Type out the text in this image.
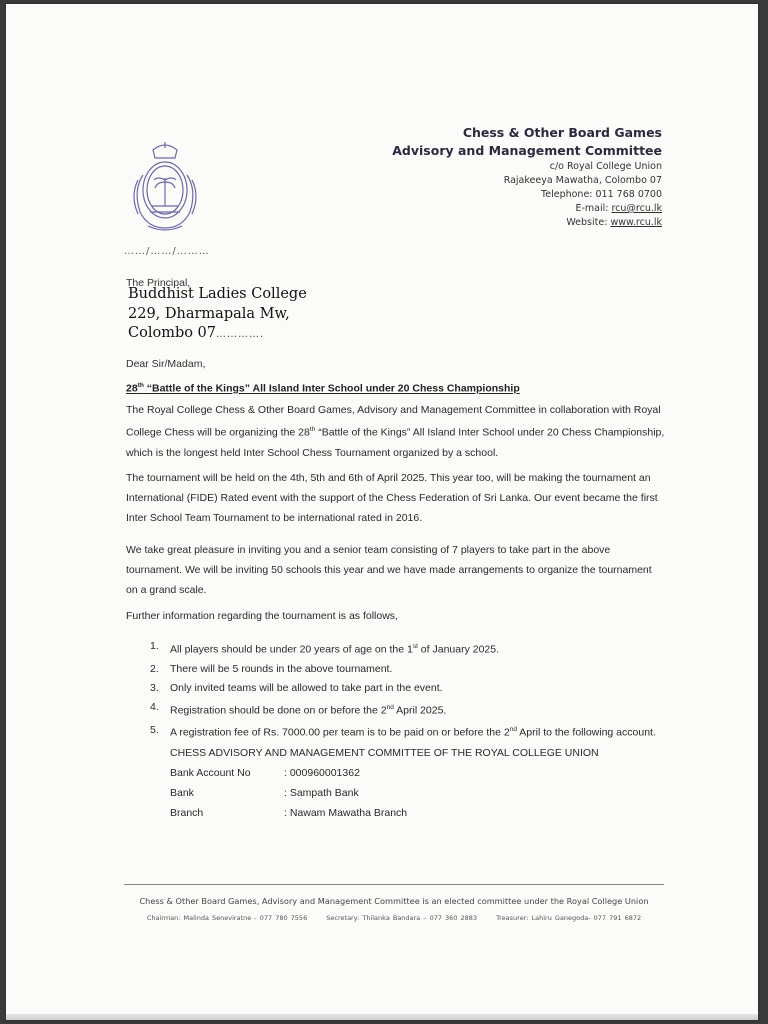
Chess & Other Board Games
Advisory and Management Committee
c/o Royal College Union
Rajakeeya Mawatha, Colombo 07
Telephone: 011 768 0700
E-mail: rcu@rcu.lk
Website: www.rcu.lk
……/……/………
The Principal,
Buddhist Ladies College
229, Dharmapala Mw,
Colombo 07………….
Dear Sir/Madam,
28th “Battle of the Kings” All Island Inter School under 20 Chess Championship
The Royal College Chess & Other Board Games, Advisory and Management Committee in collaboration with Royal College Chess will be organizing the 28th “Battle of the Kings” All Island Inter School under 20 Chess Championship, which is the longest held Inter School Chess Tournament organized by a school.
The tournament will be held on the 4th, 5th and 6th of April 2025. This year too, will be making the tournament an International (FIDE) Rated event with the support of the Chess Federation of Sri Lanka. Our event became the first Inter School Team Tournament to be international rated in 2016.
We take great pleasure in inviting you and a senior team consisting of 7 players to take part in the above tournament. We will be inviting 50 schools this year and we have made arrangements to organize the tournament on a grand scale.
Further information regarding the tournament is as follows,
1. All players should be under 20 years of age on the 1st of January 2025.
2. There will be 5 rounds in the above tournament.
3. Only invited teams will be allowed to take part in the event.
4. Registration should be done on or before the 2nd April 2025.
5. A registration fee of Rs. 7000.00 per team is to be paid on or before the 2nd April to the following account.
CHESS ADVISORY AND MANAGEMENT COMMITTEE OF THE ROYAL COLLEGE UNION
Bank Account No	: 000960001362
Bank	: Sampath Bank
Branch	: Nawam Mawatha Branch
Chess & Other Board Games, Advisory and Management Committee is an elected committee under the Royal College Union
Chairman: Malinda Seneviratne - 077 780 7556	Secretary: Thilanka Bandara – 077 360 2883	Treasurer: Lahiru Ganegoda- 077 791 6872
